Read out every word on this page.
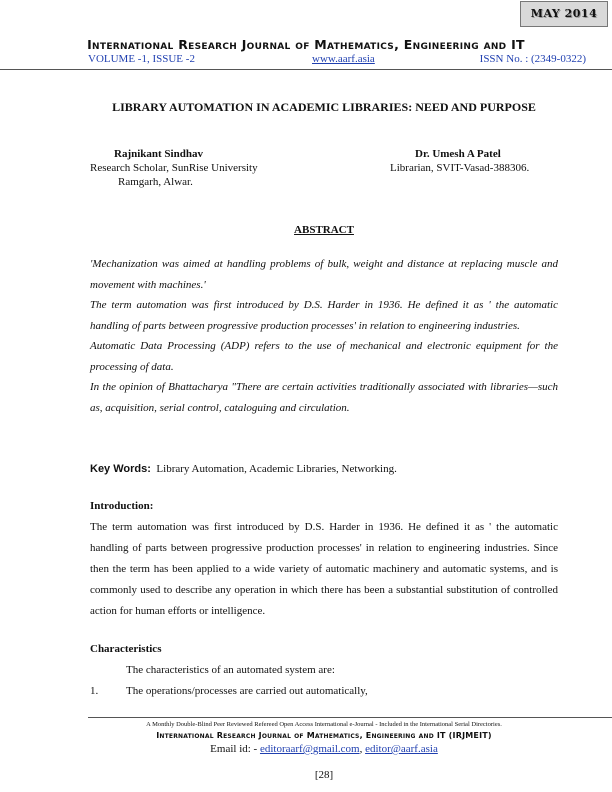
MAY 2014
International Research Journal of Mathematics, Engineering and IT
VOLUME -1, ISSUE -2	www.aarf.asia	ISSN No. : (2349-0322)
LIBRARY AUTOMATION IN ACADEMIC LIBRARIES: NEED AND PURPOSE
Rajnikant Sindhav
Research Scholar, SunRise University
Ramgarh, Alwar.
Dr. Umesh A Patel
Librarian, SVIT-Vasad-388306.
ABSTRACT

'Mechanization was aimed at handling problems of bulk, weight and distance at replacing muscle and movement with machines.'

The term automation was first introduced by D.S. Harder in 1936. He defined it as ' the automatic handling of parts between progressive production processes' in relation to engineering industries.

Automatic Data Processing (ADP) refers to the use of mechanical and electronic equipment for the processing of data.

In the opinion of Bhattacharya "There are certain activities traditionally associated with libraries—such as, acquisition, serial control, cataloguing and circulation.

Key Words: Library Automation, Academic Libraries, Networking.
Introduction:
The term automation was first introduced by D.S. Harder in 1936. He defined it as ' the automatic handling of parts between progressive production processes' in relation to engineering industries. Since then the term has been applied to a wide variety of automatic machinery and automatic systems, and is commonly used to describe any operation in which there has been a substantial substitution of controlled action for human efforts or intelligence.
Characteristics
The characteristics of an automated system are:
1.	The operations/processes are carried out automatically,
A Monthly Double-Blind Peer Reviewed Refereed Open Access International e-Journal - Included in the International Serial Directories.
International Research Journal of Mathematics, Engineering and IT (IRJMEIT)
Email id: - editoraarf@gmail.com, editor@aarf.asia
[28]
